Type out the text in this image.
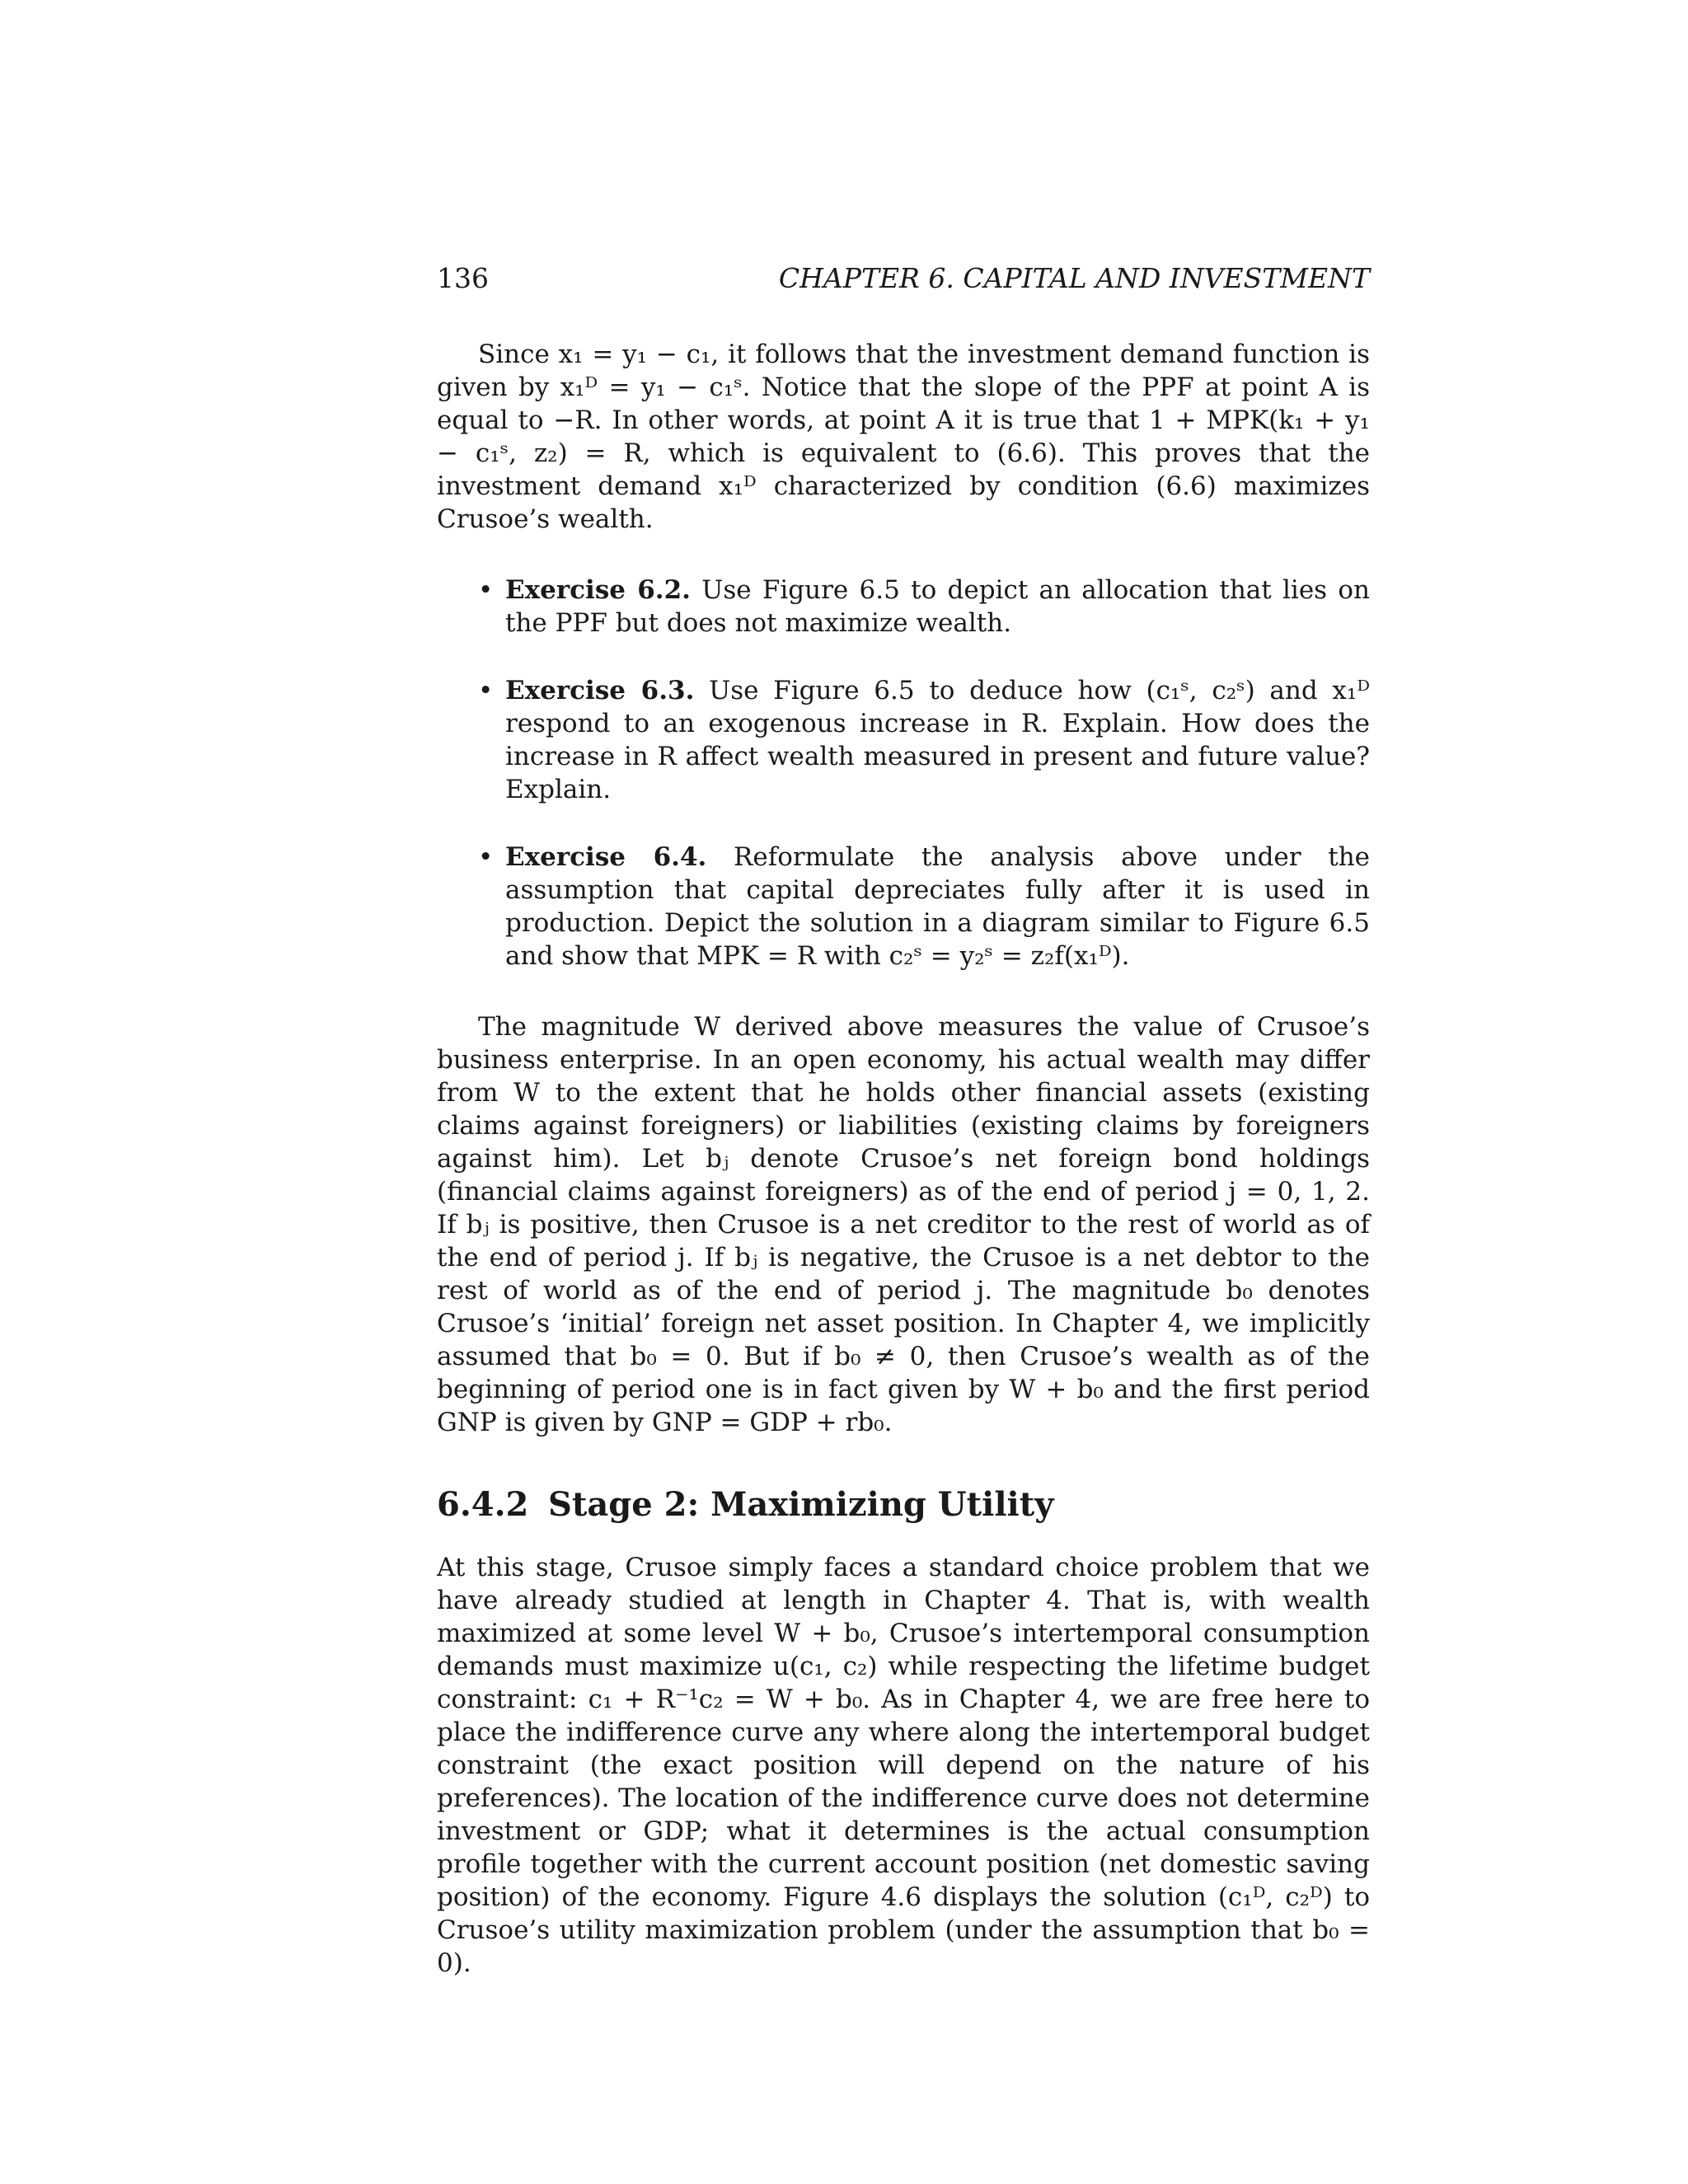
136	CHAPTER 6. CAPITAL AND INVESTMENT

Since x₁ = y₁ − c₁, it follows that the investment demand function is given by x₁ᴰ = y₁ − c₁ˢ. Notice that the slope of the PPF at point A is equal to −R. In other words, at point A it is true that 1 + MPK(k₁ + y₁ − c₁ˢ, z₂) = R, which is equivalent to (6.6). This proves that the investment demand x₁ᴰ characterized by condition (6.6) maximizes Crusoe’s wealth.

• Exercise 6.2. Use Figure 6.5 to depict an allocation that lies on the PPF but does not maximize wealth.
• Exercise 6.3. Use Figure 6.5 to deduce how (c₁ˢ, c₂ˢ) and x₁ᴰ respond to an exogenous increase in R. Explain. How does the increase in R affect wealth measured in present and future value? Explain.
• Exercise 6.4. Reformulate the analysis above under the assumption that capital depreciates fully after it is used in production. Depict the solution in a diagram similar to Figure 6.5 and show that MPK = R with c₂ˢ = y₂ˢ = z₂f(x₁ᴰ).

The magnitude W derived above measures the value of Crusoe’s business enterprise. In an open economy, his actual wealth may differ from W to the extent that he holds other financial assets (existing claims against foreigners) or liabilities (existing claims by foreigners against him). Let bⱼ denote Crusoe’s net foreign bond holdings (financial claims against foreigners) as of the end of period j = 0, 1, 2. If bⱼ is positive, then Crusoe is a net creditor to the rest of world as of the end of period j. If bⱼ is negative, the Crusoe is a net debtor to the rest of world as of the end of period j. The magnitude b₀ denotes Crusoe’s ‘initial’ foreign net asset position. In Chapter 4, we implicitly assumed that b₀ = 0. But if b₀ ≠ 0, then Crusoe’s wealth as of the beginning of period one is in fact given by W + b₀ and the first period GNP is given by GNP = GDP + rb₀.

6.4.2 Stage 2: Maximizing Utility

At this stage, Crusoe simply faces a standard choice problem that we have already studied at length in Chapter 4. That is, with wealth maximized at some level W + b₀, Crusoe’s intertemporal consumption demands must maximize u(c₁, c₂) while respecting the lifetime budget constraint: c₁ + R⁻¹c₂ = W + b₀. As in Chapter 4, we are free here to place the indifference curve any where along the intertemporal budget constraint (the exact position will depend on the nature of his preferences). The location of the indifference curve does not determine investment or GDP; what it determines is the actual consumption profile together with the current account position (net domestic saving position) of the economy. Figure 4.6 displays the solution (c₁ᴰ, c₂ᴰ) to Crusoe’s utility maximization problem (under the assumption that b₀ = 0).
